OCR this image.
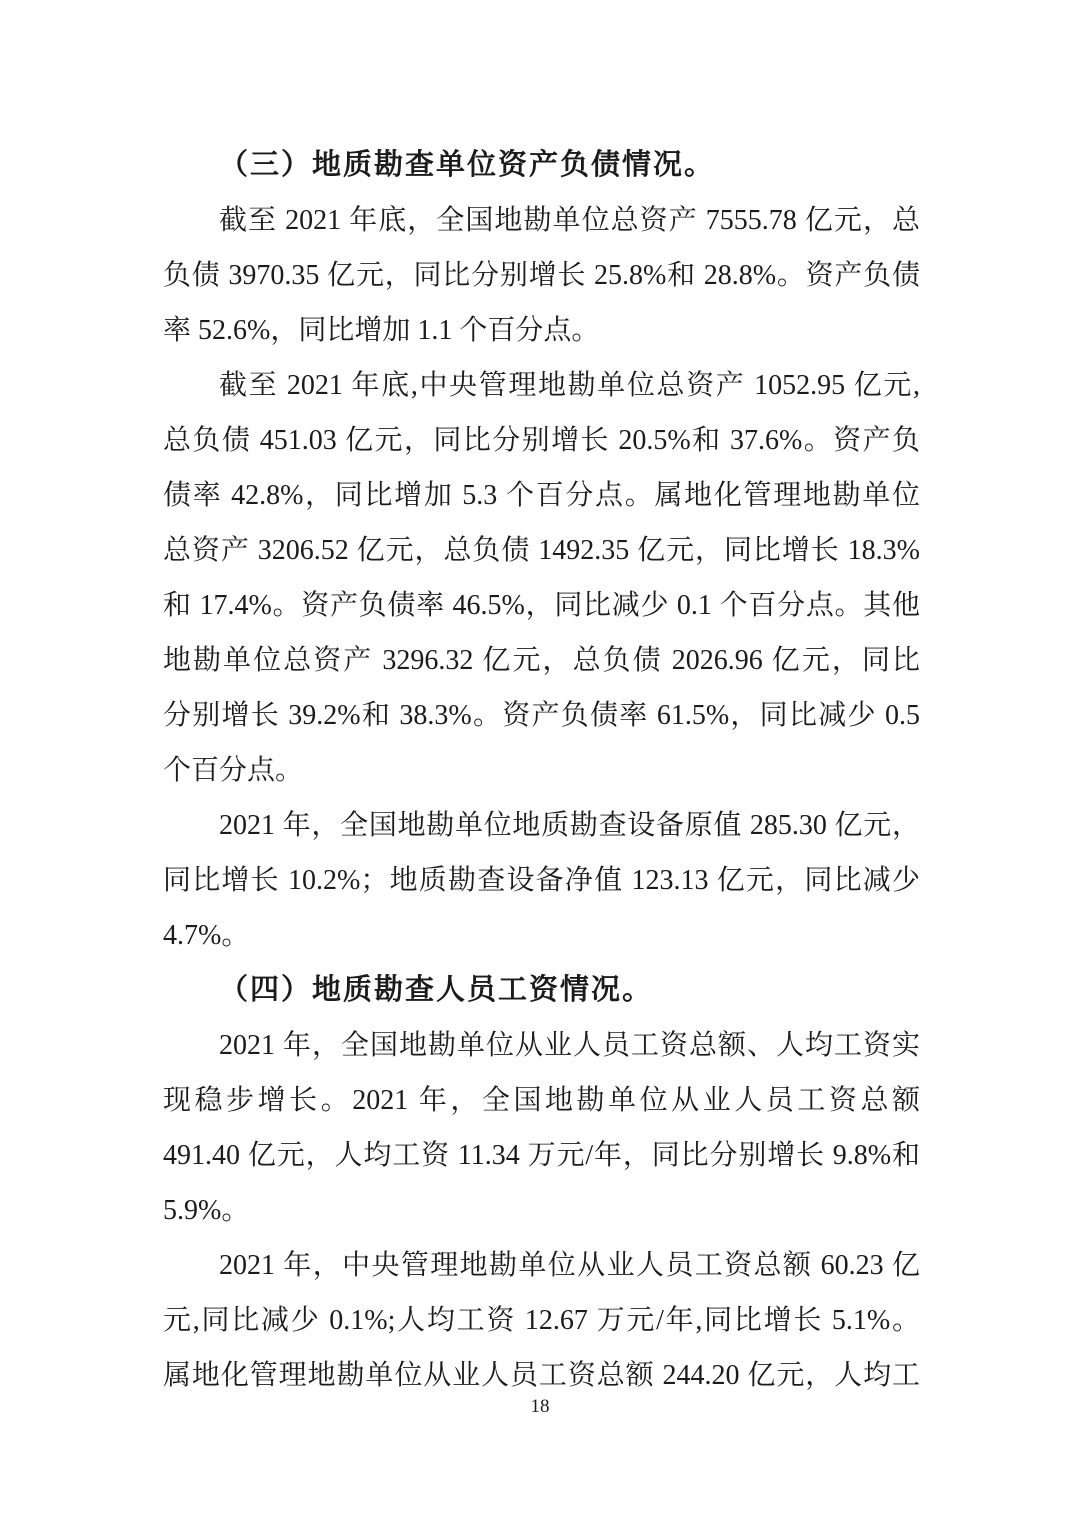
（三）地质勘查单位资产负债情况。
截至 2021 年底，全国地勘单位总资产 7555.78 亿元，总
负债 3970.35 亿元，同比分别增长 25.8%和 28.8%。资产负债
率 52.6%，同比增加 1.1 个百分点。
截至 2021 年底,中央管理地勘单位总资产 1052.95 亿元,
总负债 451.03 亿元，同比分别增长 20.5%和 37.6%。资产负
债率 42.8%，同比增加 5.3 个百分点。属地化管理地勘单位
总资产 3206.52 亿元，总负债 1492.35 亿元，同比增长 18.3%
和 17.4%。资产负债率 46.5%，同比减少 0.1 个百分点。其他
地勘单位总资产 3296.32 亿元，总负债 2026.96 亿元，同比
分别增长 39.2%和 38.3%。资产负债率 61.5%，同比减少 0.5
个百分点。
2021 年，全国地勘单位地质勘查设备原值 285.30 亿元，
同比增长 10.2%；地质勘查设备净值 123.13 亿元，同比减少
4.7%。
（四）地质勘查人员工资情况。
2021 年，全国地勘单位从业人员工资总额、人均工资实
现稳步增长。2021 年，全国地勘单位从业人员工资总额
491.40 亿元，人均工资 11.34 万元/年，同比分别增长 9.8%和
5.9%。
2021 年，中央管理地勘单位从业人员工资总额 60.23 亿
元,同比减少 0.1%;人均工资 12.67 万元/年,同比增长 5.1%。
属地化管理地勘单位从业人员工资总额 244.20 亿元，人均工
18
